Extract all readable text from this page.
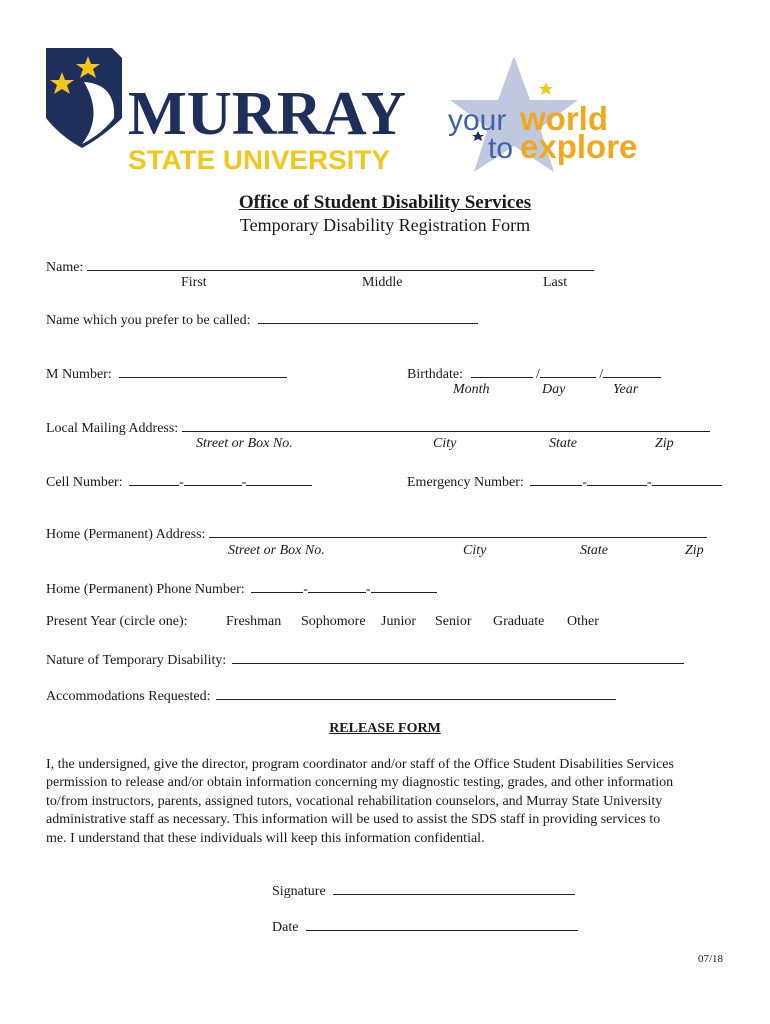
MURRAY
STATE UNIVERSITY
your world
to explore
Office of Student Disability Services
Temporary Disability Registration Form
Name:
First	Middle	Last
Name which you prefer to be called:
M Number:	Birthdate:	/	/
Month	Day	Year
Local Mailing Address:
Street or Box No.	City	State	Zip
Cell Number:	-	-	Emergency Number:	-	-
Home (Permanent) Address:
Street or Box No.	City	State	Zip
Home (Permanent) Phone Number:	-	-
Present Year (circle one):	Freshman Sophomore Junior Senior Graduate Other
Nature of Temporary Disability:
Accommodations Requested:
RELEASE FORM
I, the undersigned, give the director, program coordinator and/or staff of the Office Student Disabilities Services
permission to release and/or obtain information concerning my diagnostic testing, grades, and other information
to/from instructors, parents, assigned tutors, vocational rehabilitation counselors, and Murray State University
administrative staff as necessary. This information will be used to assist the SDS staff in providing services to
me. I understand that these individuals will keep this information confidential.
Signature
Date
07/18
